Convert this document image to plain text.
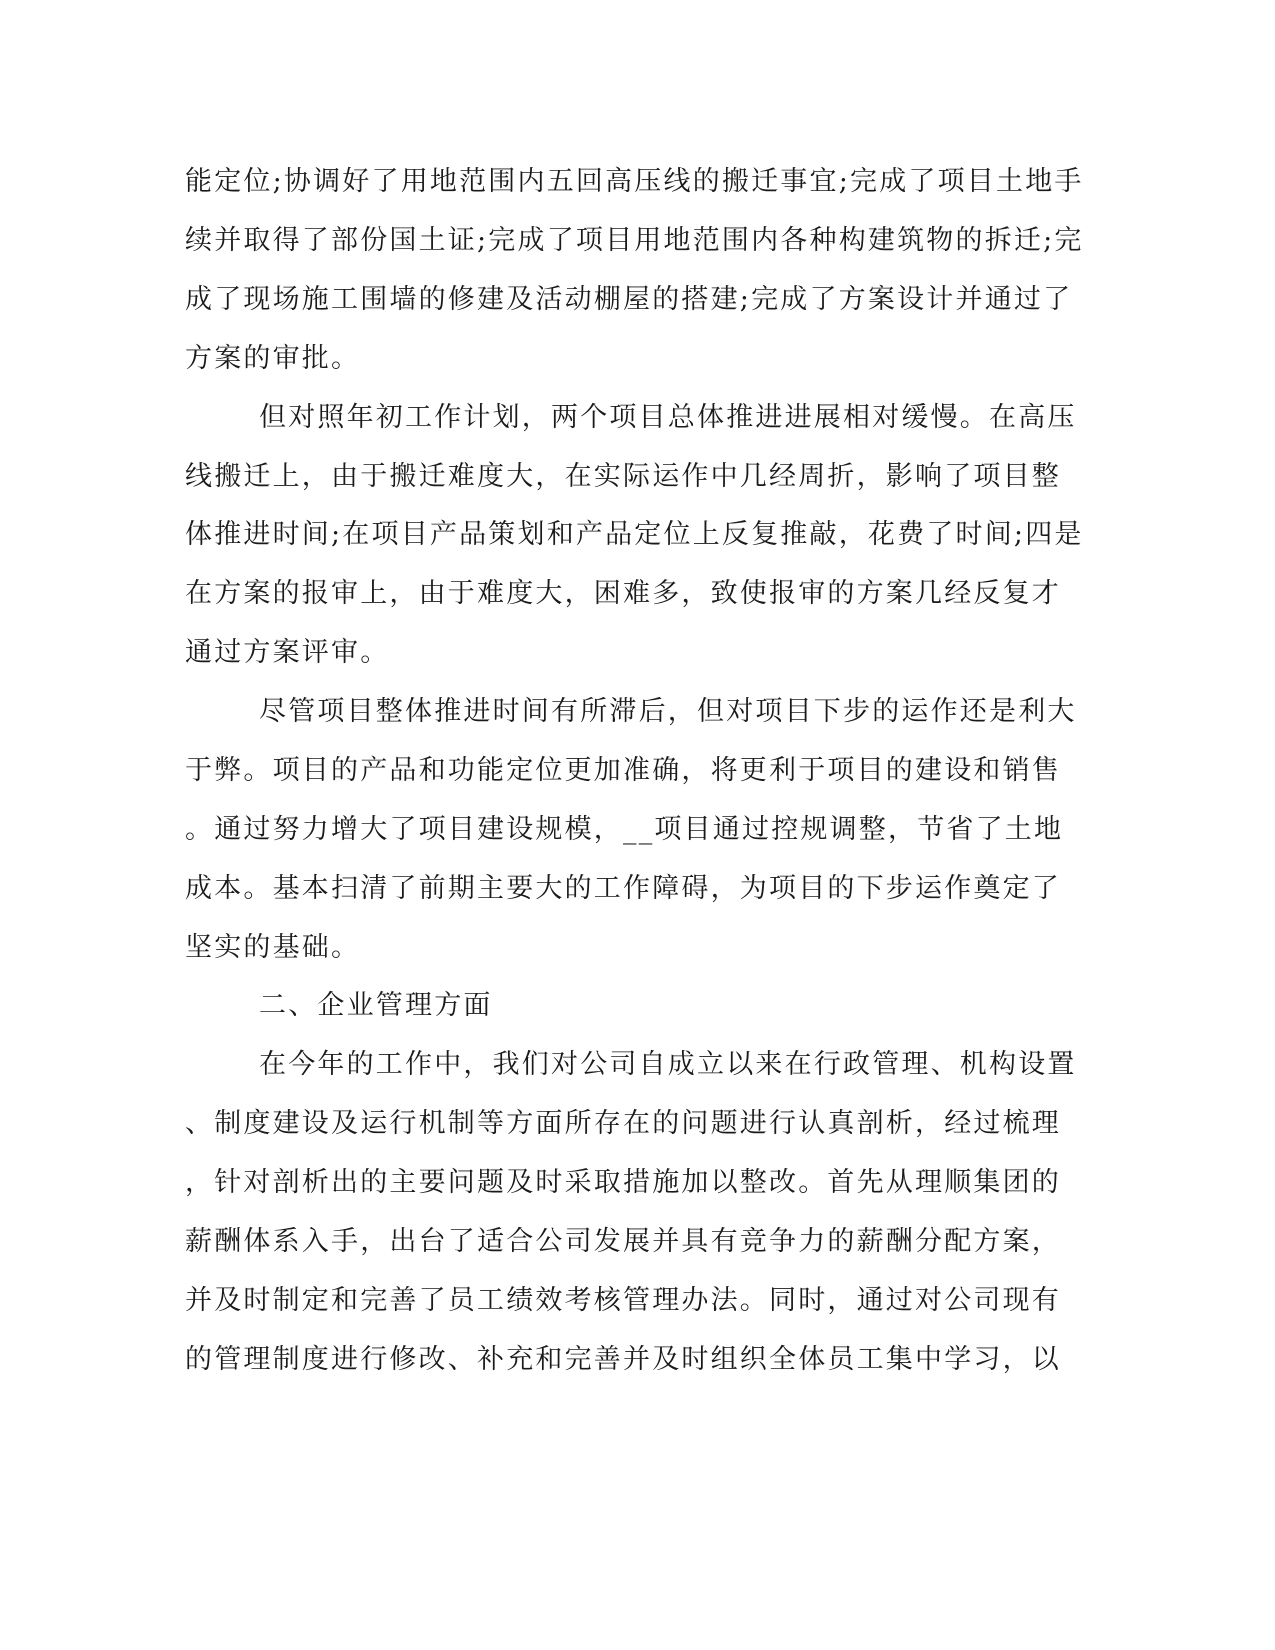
能定位;协调好了用地范围内五回高压线的搬迁事宜;完成了项目土地手
续并取得了部份国土证;完成了项目用地范围内各种构建筑物的拆迁;完
成了现场施工围墙的修建及活动棚屋的搭建;完成了方案设计并通过了
方案的审批。
但对照年初工作计划，两个项目总体推进进展相对缓慢。在高压
线搬迁上，由于搬迁难度大，在实际运作中几经周折，影响了项目整
体推进时间;在项目产品策划和产品定位上反复推敲，花费了时间;四是
在方案的报审上，由于难度大，困难多，致使报审的方案几经反复才
通过方案评审。
尽管项目整体推进时间有所滞后，但对项目下步的运作还是利大
于弊。项目的产品和功能定位更加准确，将更利于项目的建设和销售
。通过努力增大了项目建设规模，__项目通过控规调整，节省了土地
成本。基本扫清了前期主要大的工作障碍，为项目的下步运作奠定了
坚实的基础。
二、企业管理方面
在今年的工作中，我们对公司自成立以来在行政管理、机构设置
、制度建设及运行机制等方面所存在的问题进行认真剖析，经过梳理
，针对剖析出的主要问题及时采取措施加以整改。首先从理顺集团的
薪酬体系入手，出台了适合公司发展并具有竞争力的薪酬分配方案，
并及时制定和完善了员工绩效考核管理办法。同时，通过对公司现有
的管理制度进行修改、补充和完善并及时组织全体员工集中学习，以
